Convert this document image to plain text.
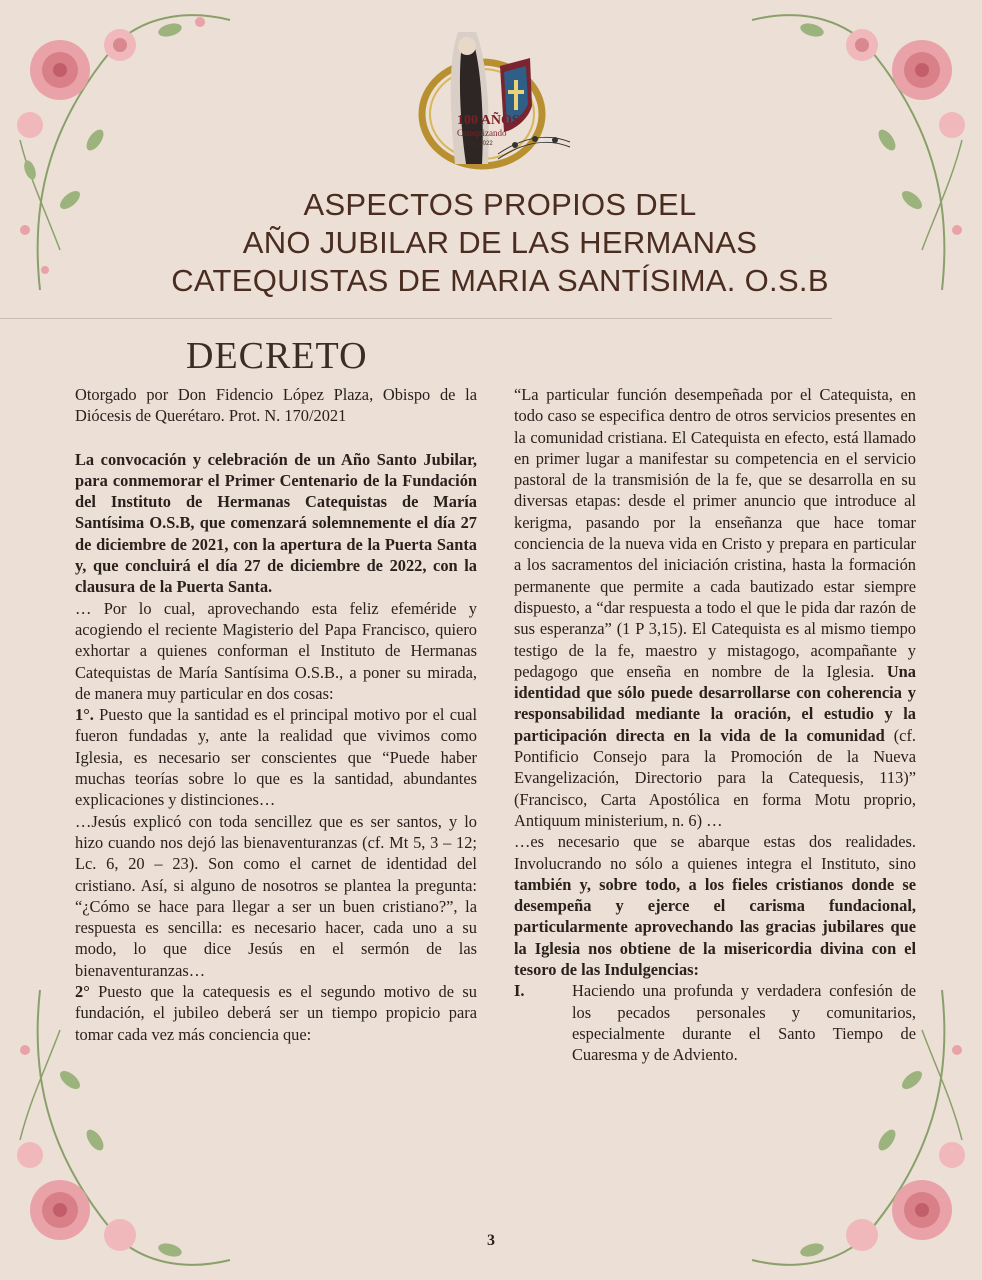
100 AÑOS
Catequizando
1922-2022
ASPECTOS PROPIOS DEL
AÑO JUBILAR DE LAS HERMANAS
CATEQUISTAS DE MARIA SANTÍSIMA. O.S.B
DECRETO

Otorgado por Don Fidencio López Plaza, Obispo de la Diócesis de Querétaro. Prot. N. 170/2021

La convocación y celebración de un Año Santo Jubilar, para conmemorar el Primer Centenario de la Fundación del Instituto de Hermanas Catequistas de María Santísima O.S.B, que comenzará solemnemente el día 27 de diciembre de 2021, con la apertura de la Puerta Santa y, que concluirá el día 27 de diciembre de 2022, con la clausura de la Puerta Santa.

… Por lo cual, aprovechando esta feliz efeméride y acogiendo el reciente Magisterio del Papa Francisco, quiero exhortar a quienes conforman el Instituto de Hermanas Catequistas de María Santísima O.S.B., a poner su mirada, de manera muy particular en dos cosas:

1°. Puesto que la santidad es el principal motivo por el cual fueron fundadas y, ante la realidad que vivimos como Iglesia, es necesario ser conscientes que “Puede haber muchas teorías sobre lo que es la santidad, abundantes explicaciones y distinciones…

…Jesús explicó con toda sencillez que es ser santos, y lo hizo cuando nos dejó las bienaventuranzas (cf. Mt 5, 3 – 12; Lc. 6, 20 – 23). Son como el carnet de identidad del cristiano. Así, si alguno de nosotros se plantea la pregunta: “¿Cómo se hace para llegar a ser un buen cristiano?”, la respuesta es sencilla: es necesario hacer, cada uno a su modo, lo que dice Jesús en el sermón de las bienaventuranzas…

2° Puesto que la catequesis es el segundo motivo de su fundación, el jubileo deberá ser un tiempo propicio para tomar cada vez más conciencia que:

“La particular función desempeñada por el Catequista, en todo caso se especifica dentro de otros servicios presentes en la comunidad cristiana. El Catequista en efecto, está llamado en primer lugar a manifestar su competencia en el servicio pastoral de la transmisión de la fe, que se desarrolla en su diversas etapas: desde el primer anuncio que introduce al kerigma, pasando por la enseñanza que hace tomar conciencia de la nueva vida en Cristo y prepara en particular a los sacramentos del iniciación cristina, hasta la formación permanente que permite a cada bautizado estar siempre dispuesto, a “dar respuesta a todo el que le pida dar razón de sus esperanza” (1 P 3,15). El Catequista es al mismo tiempo testigo de la fe, maestro y mistagogo, acompañante y pedagogo que enseña en nombre de la Iglesia. Una identidad que sólo puede desarrollarse con coherencia y responsabilidad mediante la oración, el estudio y la participación directa en la vida de la comunidad (cf. Pontificio Consejo para la Promoción de la Nueva Evangelización, Directorio para la Catequesis, 113)” (Francisco, Carta Apostólica en forma Motu proprio, Antiquum ministerium, n. 6) …

…es necesario que se abarque estas dos realidades. Involucrando no sólo a quienes integra el Instituto, sino también y, sobre todo, a los fieles cristianos donde se desempeña y ejerce el carisma fundacional, particularmente aprovechando las gracias jubilares que la Iglesia nos obtiene de la misericordia divina con el tesoro de las Indulgencias:

I.	Haciendo una profunda y verdadera confesión de los pecados personales y comunitarios, especialmente durante el Santo Tiempo de Cuaresma y de Adviento.

3
